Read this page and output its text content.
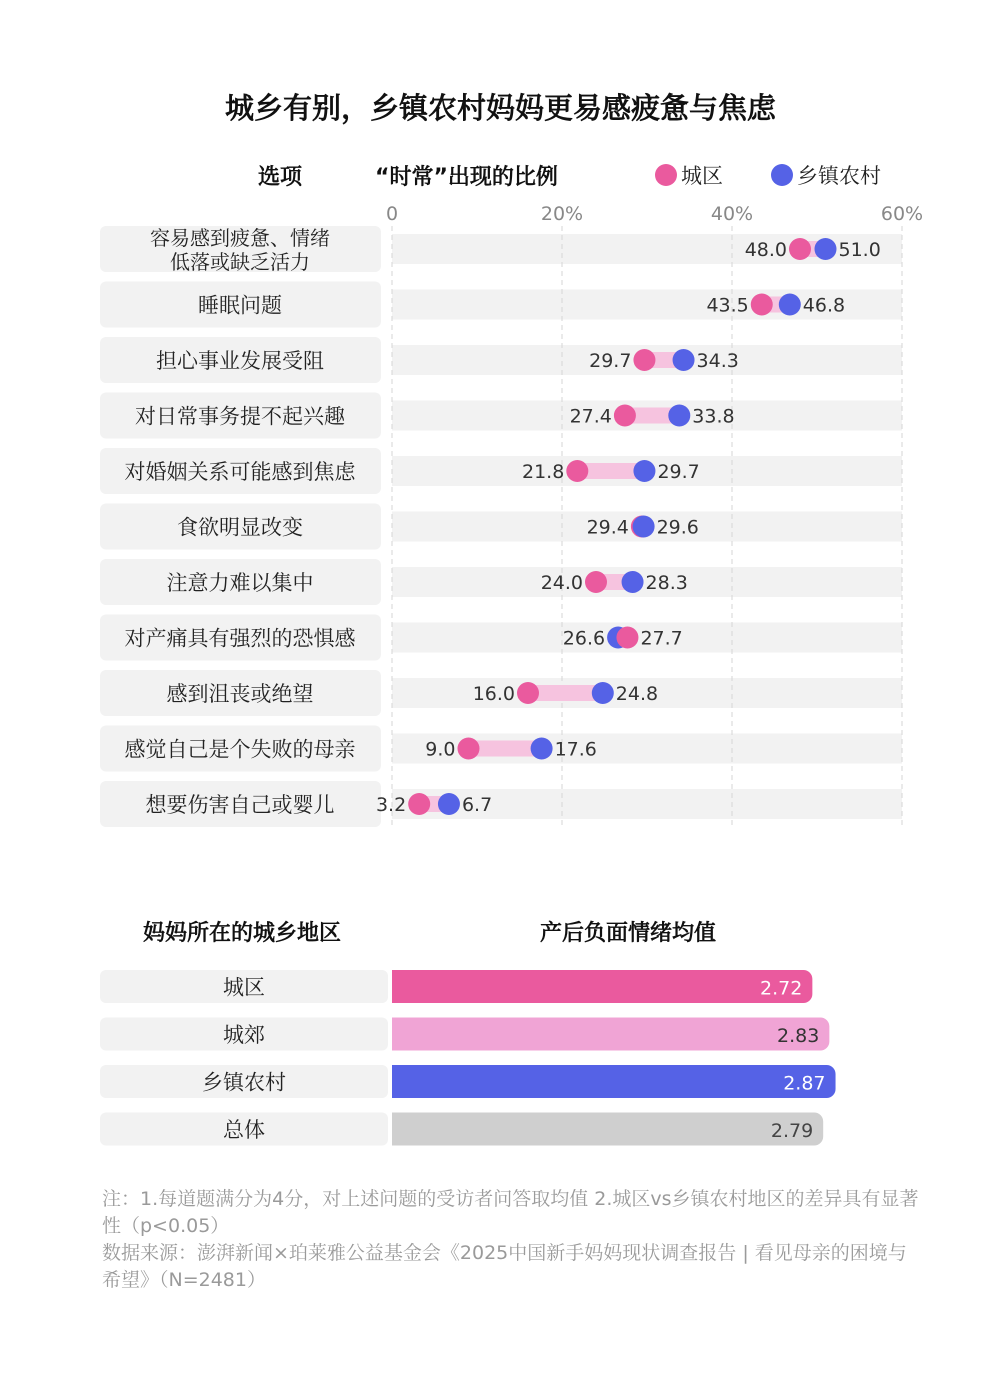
城乡有别，乡镇农村妈妈更易感疲惫与焦虑
选项	“时常”出现的比例	城区	乡镇农村
0	20%	40%	60%
容易感到疲惫、情绪
低落或缺乏活力	48.0	51.0
睡眠问题	43.5	46.8
担心事业发展受阻	29.7	34.3
对日常事务提不起兴趣	27.4	33.8
对婚姻关系可能感到焦虑	21.8	29.7
食欲明显改变	29.4 29.6
注意力难以集中	24.0	28.3
对产痛具有强烈的恐惧感	26.6 27.7
感到沮丧或绝望	16.0	24.8
感觉自己是个失败的母亲	9.0	17.6
想要伤害自己或婴儿 3.2	6.7
妈妈所在的城乡地区	产后负面情绪均值
城区	2.72
城郊	2.83
乡镇农村	2.87
总体	2.79
注：1.每道题满分为4分，对上述问题的受访者问答取均值 2.城区vs乡镇农村地区的差异具有显著性（p<0.05）
数据来源：澎湃新闻×珀莱雅公益基金会《2025中国新手妈妈现状调查报告 | 看见母亲的困境与希望》（N=2481）
